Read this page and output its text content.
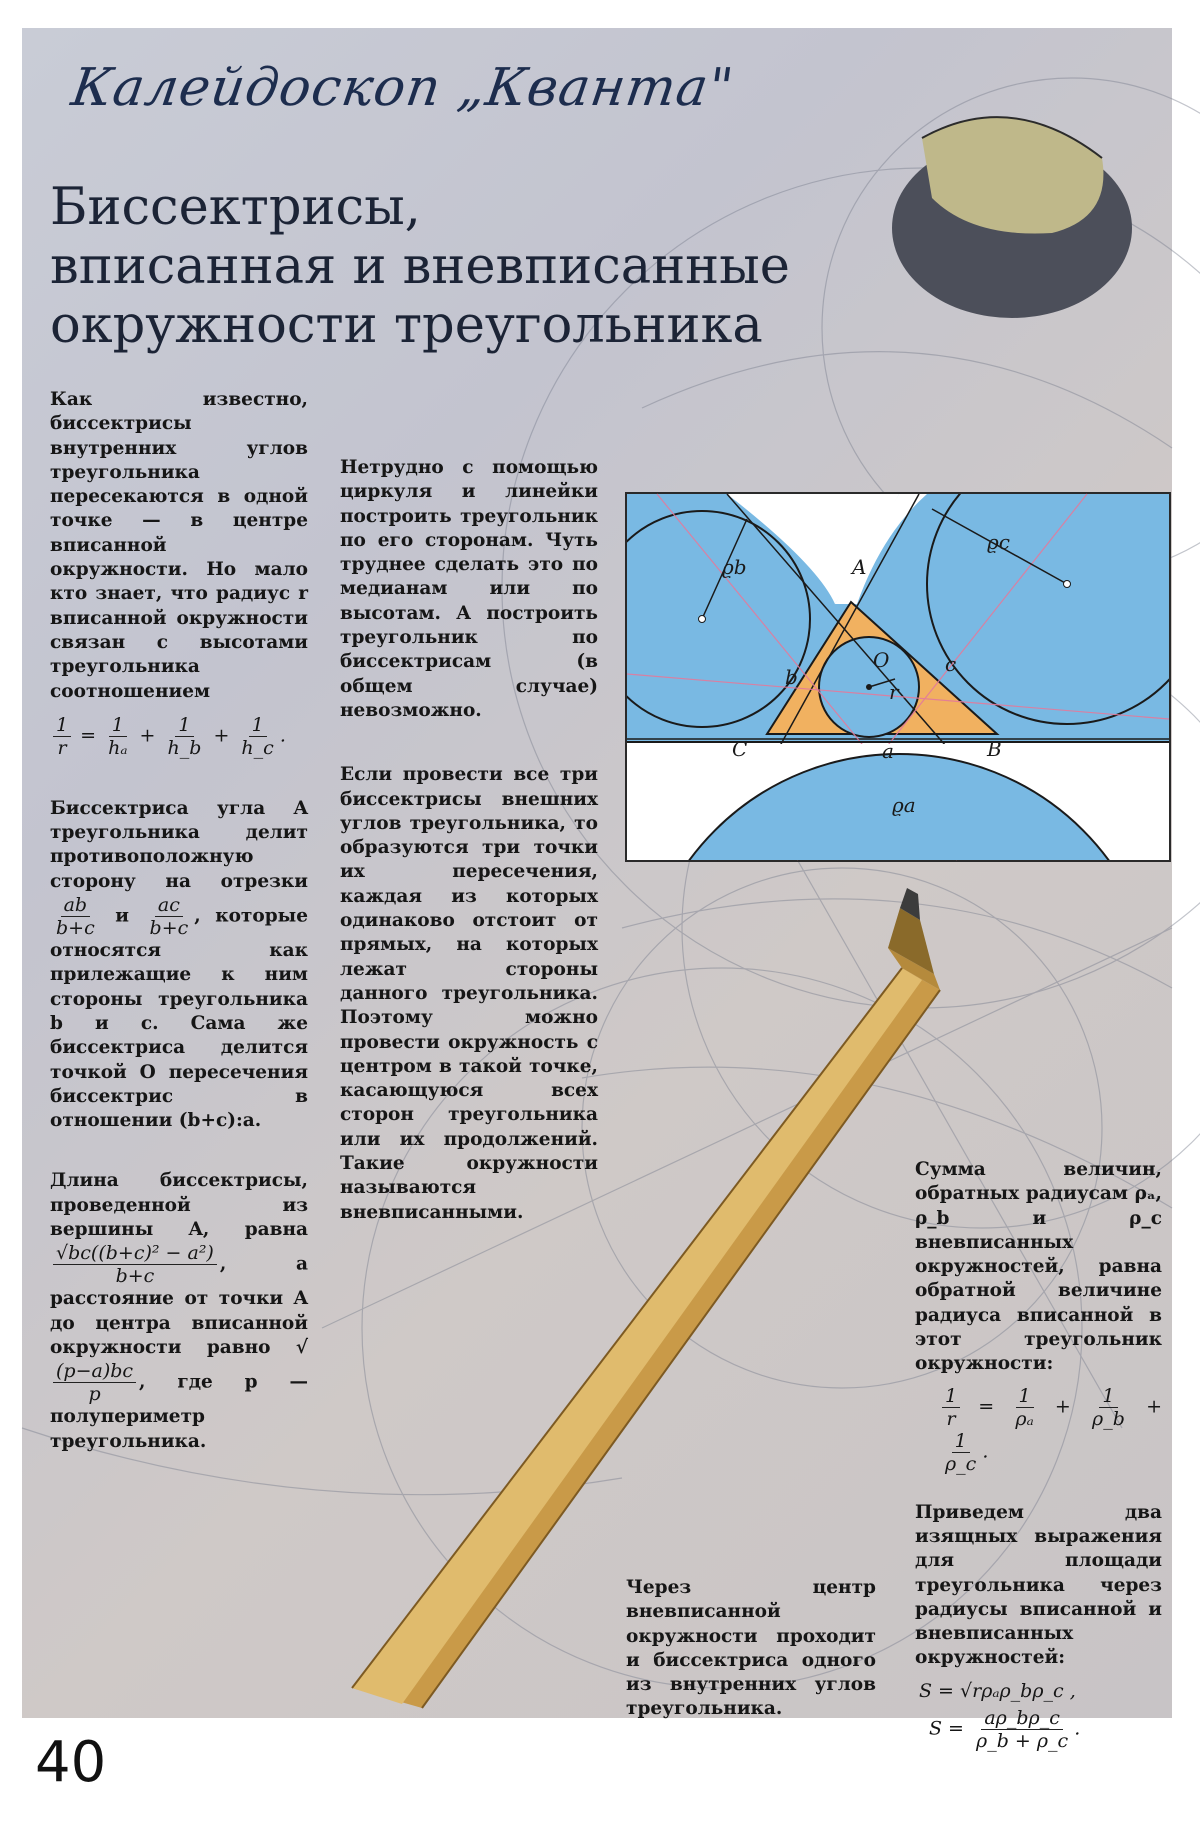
Калейдоскоп „Кванта"
Биссектрисы,
вписанная и вневписанные
окружности треугольника

Как известно, биссектрисы внутренних углов треугольника пересекаются в одной точке — в центре вписанной окружности. Но мало кто знает, что радиус r вписанной окружности связан с высотами треугольника соотношением

$\frac{1}{r} = \frac{1}{\text{hₐ}} + \frac{1}{h\_b} + \frac{1}{h\_c}$ .

Биссектриса угла A треугольника делит противоположную сторону на отрезки
$\frac{ab}{b+c}$ и $\frac{ac}{b+c}$ , которые относятся как прилежащие к ним стороны треугольника b и c. Сама же биссектриса делится точкой O пересечения биссектрис в отношении (b+c):a.

Длина биссектрисы, проведенной из вершины A, равна
$\frac{\text{√bc((b+c)² − a²)}}{b+c}$ , а расстояние от точки A до центра вписанной окружности равно √
$\frac{(p-a)bc}{p}$ , где p — полупериметр треугольника.

Нетрудно с помощью циркуля и линейки построить треугольник по его сторонам. Чуть труднее сделать это по медианам или по высотам. А построить треугольник по биссектрисам (в общем случае) невозможно.

Если провести все три биссектрисы внешних углов треугольника, то образуются три точки их пересечения, каждая из которых одинаково отстоит от прямых, на которых лежат стороны данного треугольника. Поэтому можно провести окружность с центром в такой точке, касающуюся всех сторон треугольника или их продолжений. Такие окружности называются вневписанными.

A
B
C
O
a
b
c
r
ϱb
ϱc
ϱa

Сумма величин, обратных радиусам ρₐ, ρ_b и ρ_c вневписанных окружностей, равна обратной величине радиуса вписанной в этот треугольник окружности:

$\frac{1}{r} = \frac{1}{\text{ρₐ}} + \frac{1}{\rho\_b}$ +
$\frac{1}{\rho\_c}$ .

Приведем два изящных выражения для площади треугольника через радиусы вписанной и вневписанных окружностей:

S = √rρₐρ_bρ_c ,
$S = \frac{a\rho\_b\rho\_c}{\rho\_b + \rho\_c}$ .

Через центр вневписанной окружности проходит и биссектриса одного из внутренних углов треугольника.

40
